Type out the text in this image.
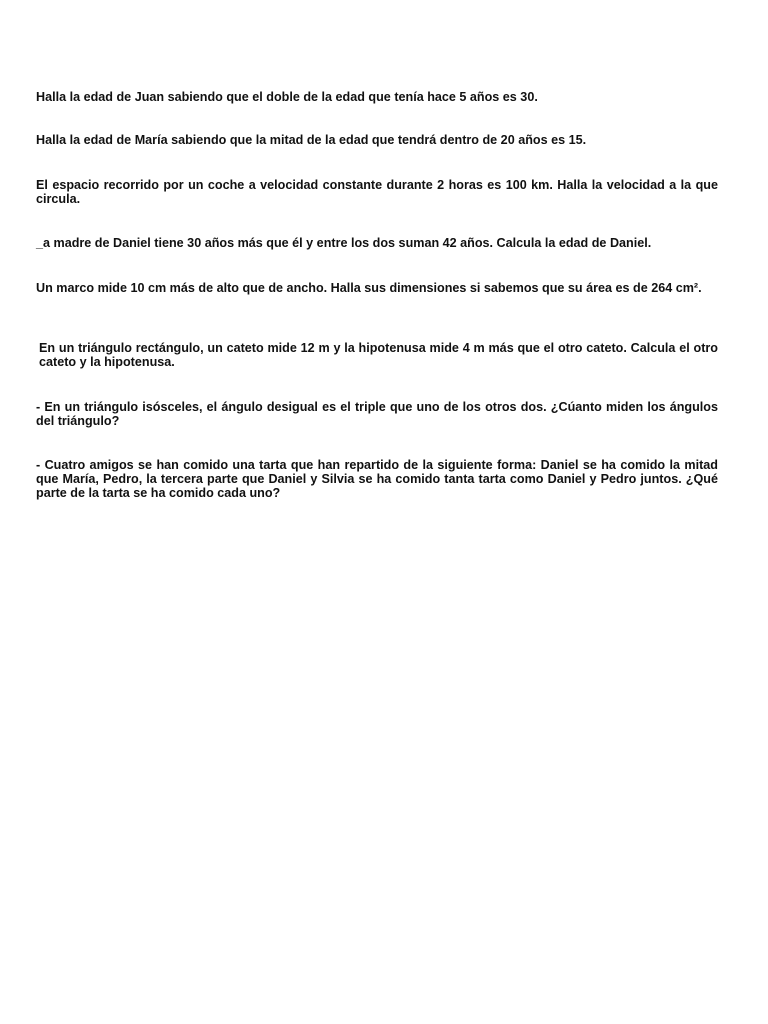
Halla la edad de Juan sabiendo que el doble de la edad que tenía hace 5 años es 30.

Halla la edad de María sabiendo que la mitad de la edad que tendrá dentro de 20 años es 15.

El espacio recorrido por un coche a velocidad constante durante 2 horas es 100 km. Halla la velocidad a la que circula.

_a madre de Daniel tiene 30 años más que él y entre los dos suman 42 años. Calcula la edad de Daniel.

Un marco mide 10 cm más de alto que de ancho. Halla sus dimensiones si sabemos que su área es de 264 cm².

En un triángulo rectángulo, un cateto mide 12 m y la hipotenusa mide 4 m más que el otro cateto. Calcula el otro cateto y la hipotenusa.

- En un triángulo isósceles, el ángulo desigual es el triple que uno de los otros dos. ¿Cúanto miden los ángulos del triángulo?

- Cuatro amigos se han comido una tarta que han repartido de la siguiente forma: Daniel se ha comido la mitad que María, Pedro, la tercera parte que Daniel y Silvia se ha comido tanta tarta como Daniel y Pedro juntos. ¿Qué parte de la tarta se ha comido cada uno?
